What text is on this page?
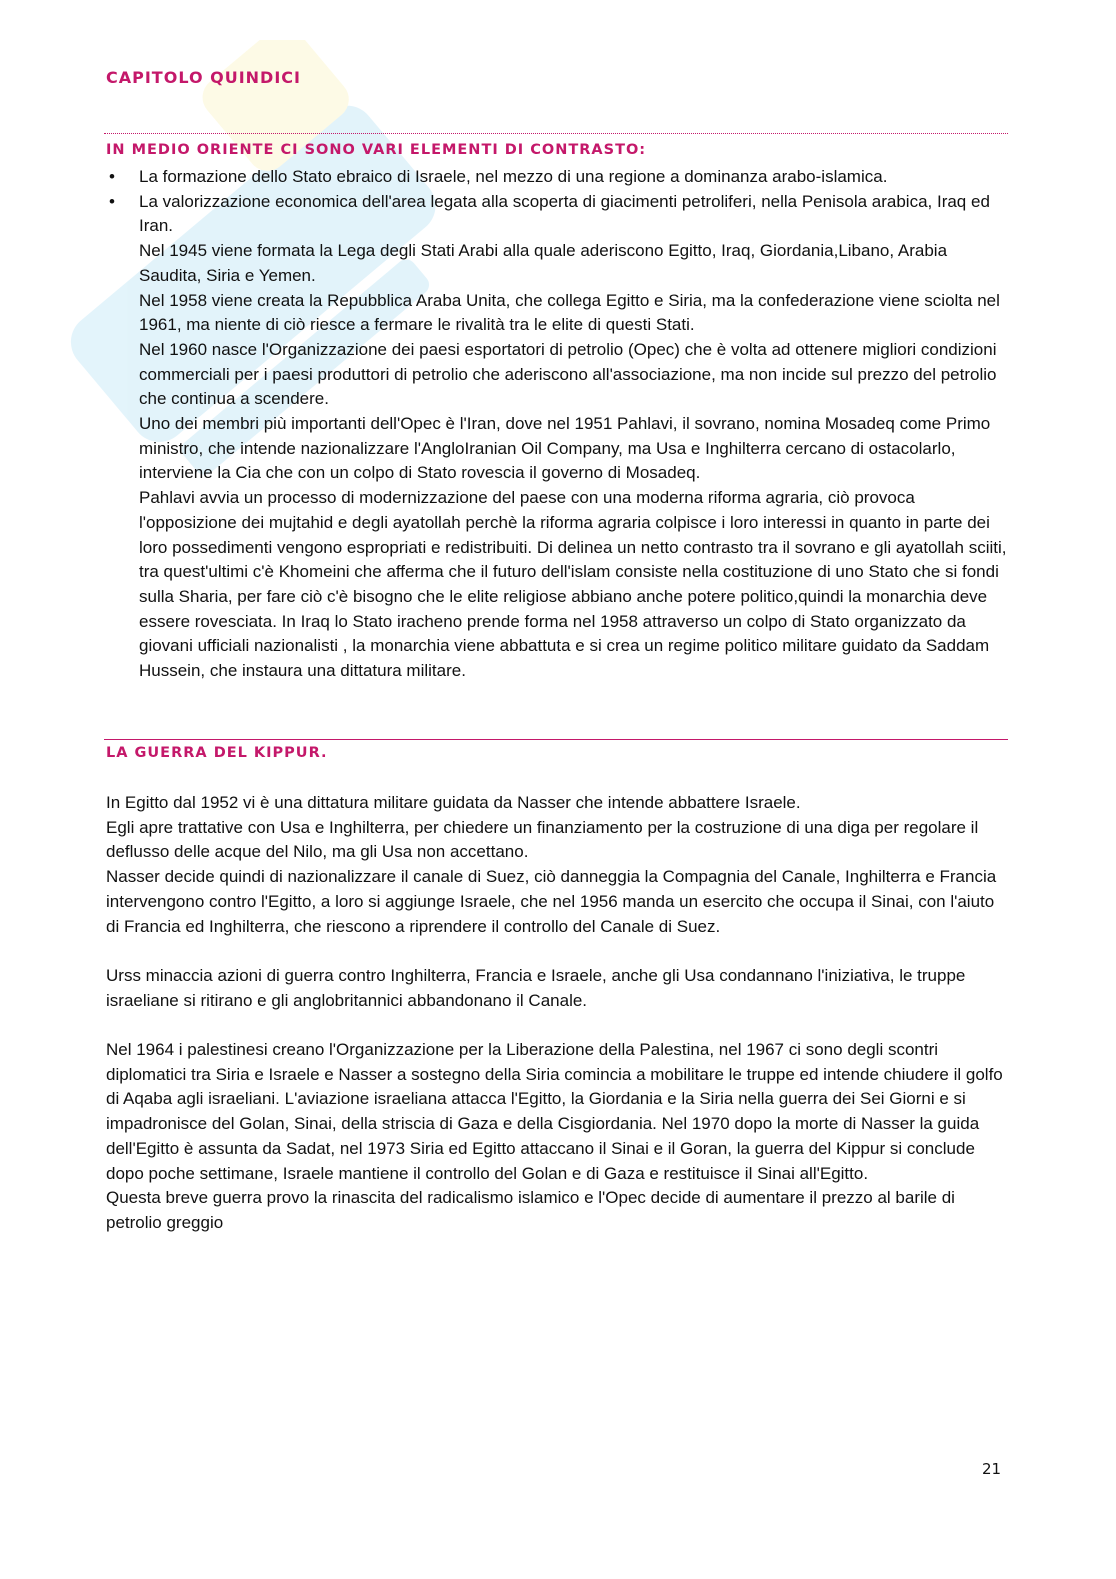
CAPITOLO QUINDICI
IN MEDIO ORIENTE CI SONO VARI ELEMENTI DI CONTRASTO:
• La formazione dello Stato ebraico di Israele, nel mezzo di una regione a dominanza arabo-islamica.
• La valorizzazione economica dell'area legata alla scoperta di giacimenti petroliferi, nella Penisola arabica, Iraq ed Iran.

Nel 1945 viene formata la Lega degli Stati Arabi alla quale aderiscono Egitto, Iraq, Giordania,Libano, Arabia Saudita, Siria e Yemen.

Nel 1958 viene creata la Repubblica Araba Unita, che collega Egitto e Siria, ma la confederazione viene sciolta nel 1961, ma niente di ciò riesce a fermare le rivalità tra le elite di questi Stati.

Nel 1960 nasce l'Organizzazione dei paesi esportatori di petrolio (Opec) che è volta ad ottenere migliori condizioni commerciali per i paesi produttori di petrolio che aderiscono all'associazione, ma non incide sul prezzo del petrolio che continua a scendere.

Uno dei membri più importanti dell'Opec è l'Iran, dove nel 1951 Pahlavi, il sovrano, nomina Mosadeq come Primo ministro, che intende nazionalizzare l'AngloIranian Oil Company, ma Usa e Inghilterra cercano di ostacolarlo, interviene la Cia che con un colpo di Stato rovescia il governo di Mosadeq.

Pahlavi avvia un processo di modernizzazione del paese con una moderna riforma agraria, ciò provoca l'opposizione dei mujtahid e degli ayatollah perchè la riforma agraria colpisce i loro interessi in quanto in parte dei loro possedimenti vengono espropriati e redistribuiti. Di delinea un netto contrasto tra il sovrano e gli ayatollah sciiti, tra quest'ultimi c'è Khomeini che afferma che il futuro dell'islam consiste nella costituzione di uno Stato che si fondi sulla Sharia, per fare ciò c'è bisogno che le elite religiose abbiano anche potere politico,quindi la monarchia deve essere rovesciata. In Iraq lo Stato iracheno prende forma nel 1958 attraverso un colpo di Stato organizzato da giovani ufficiali nazionalisti , la monarchia viene abbattuta e si crea un regime politico militare guidato da Saddam Hussein, che instaura una dittatura militare.

LA GUERRA DEL KIPPUR.

In Egitto dal 1952 vi è una dittatura militare guidata da Nasser che intende abbattere Israele.

Egli apre trattative con Usa e Inghilterra, per chiedere un finanziamento per la costruzione di una diga per regolare il deflusso delle acque del Nilo, ma gli Usa non accettano.

Nasser decide quindi di nazionalizzare il canale di Suez, ciò danneggia la Compagnia del Canale, Inghilterra e Francia intervengono contro l'Egitto, a loro si aggiunge Israele, che nel 1956 manda un esercito che occupa il Sinai, con l'aiuto di Francia ed Inghilterra, che riescono a riprendere il controllo del Canale di Suez.

Urss minaccia azioni di guerra contro Inghilterra, Francia e Israele, anche gli Usa condannano l'iniziativa, le truppe israeliane si ritirano e gli anglobritannici abbandonano il Canale.

Nel 1964 i palestinesi creano l'Organizzazione per la Liberazione della Palestina, nel 1967 ci sono degli scontri diplomatici tra Siria e Israele e Nasser a sostegno della Siria comincia a mobilitare le truppe ed intende chiudere il golfo di Aqaba agli israeliani. L'aviazione israeliana attacca l'Egitto, la Giordania e la Siria nella guerra dei Sei Giorni e si impadronisce del Golan, Sinai, della striscia di Gaza e della Cisgiordania. Nel 1970 dopo la morte di Nasser la guida dell'Egitto è assunta da Sadat, nel 1973 Siria ed Egitto attaccano il Sinai e il Goran, la guerra del Kippur si conclude dopo poche settimane, Israele mantiene il controllo del Golan e di Gaza e restituisce il Sinai all'Egitto.

Questa breve guerra provo la rinascita del radicalismo islamico e l'Opec decide di aumentare il prezzo al barile di petrolio greggio

21
